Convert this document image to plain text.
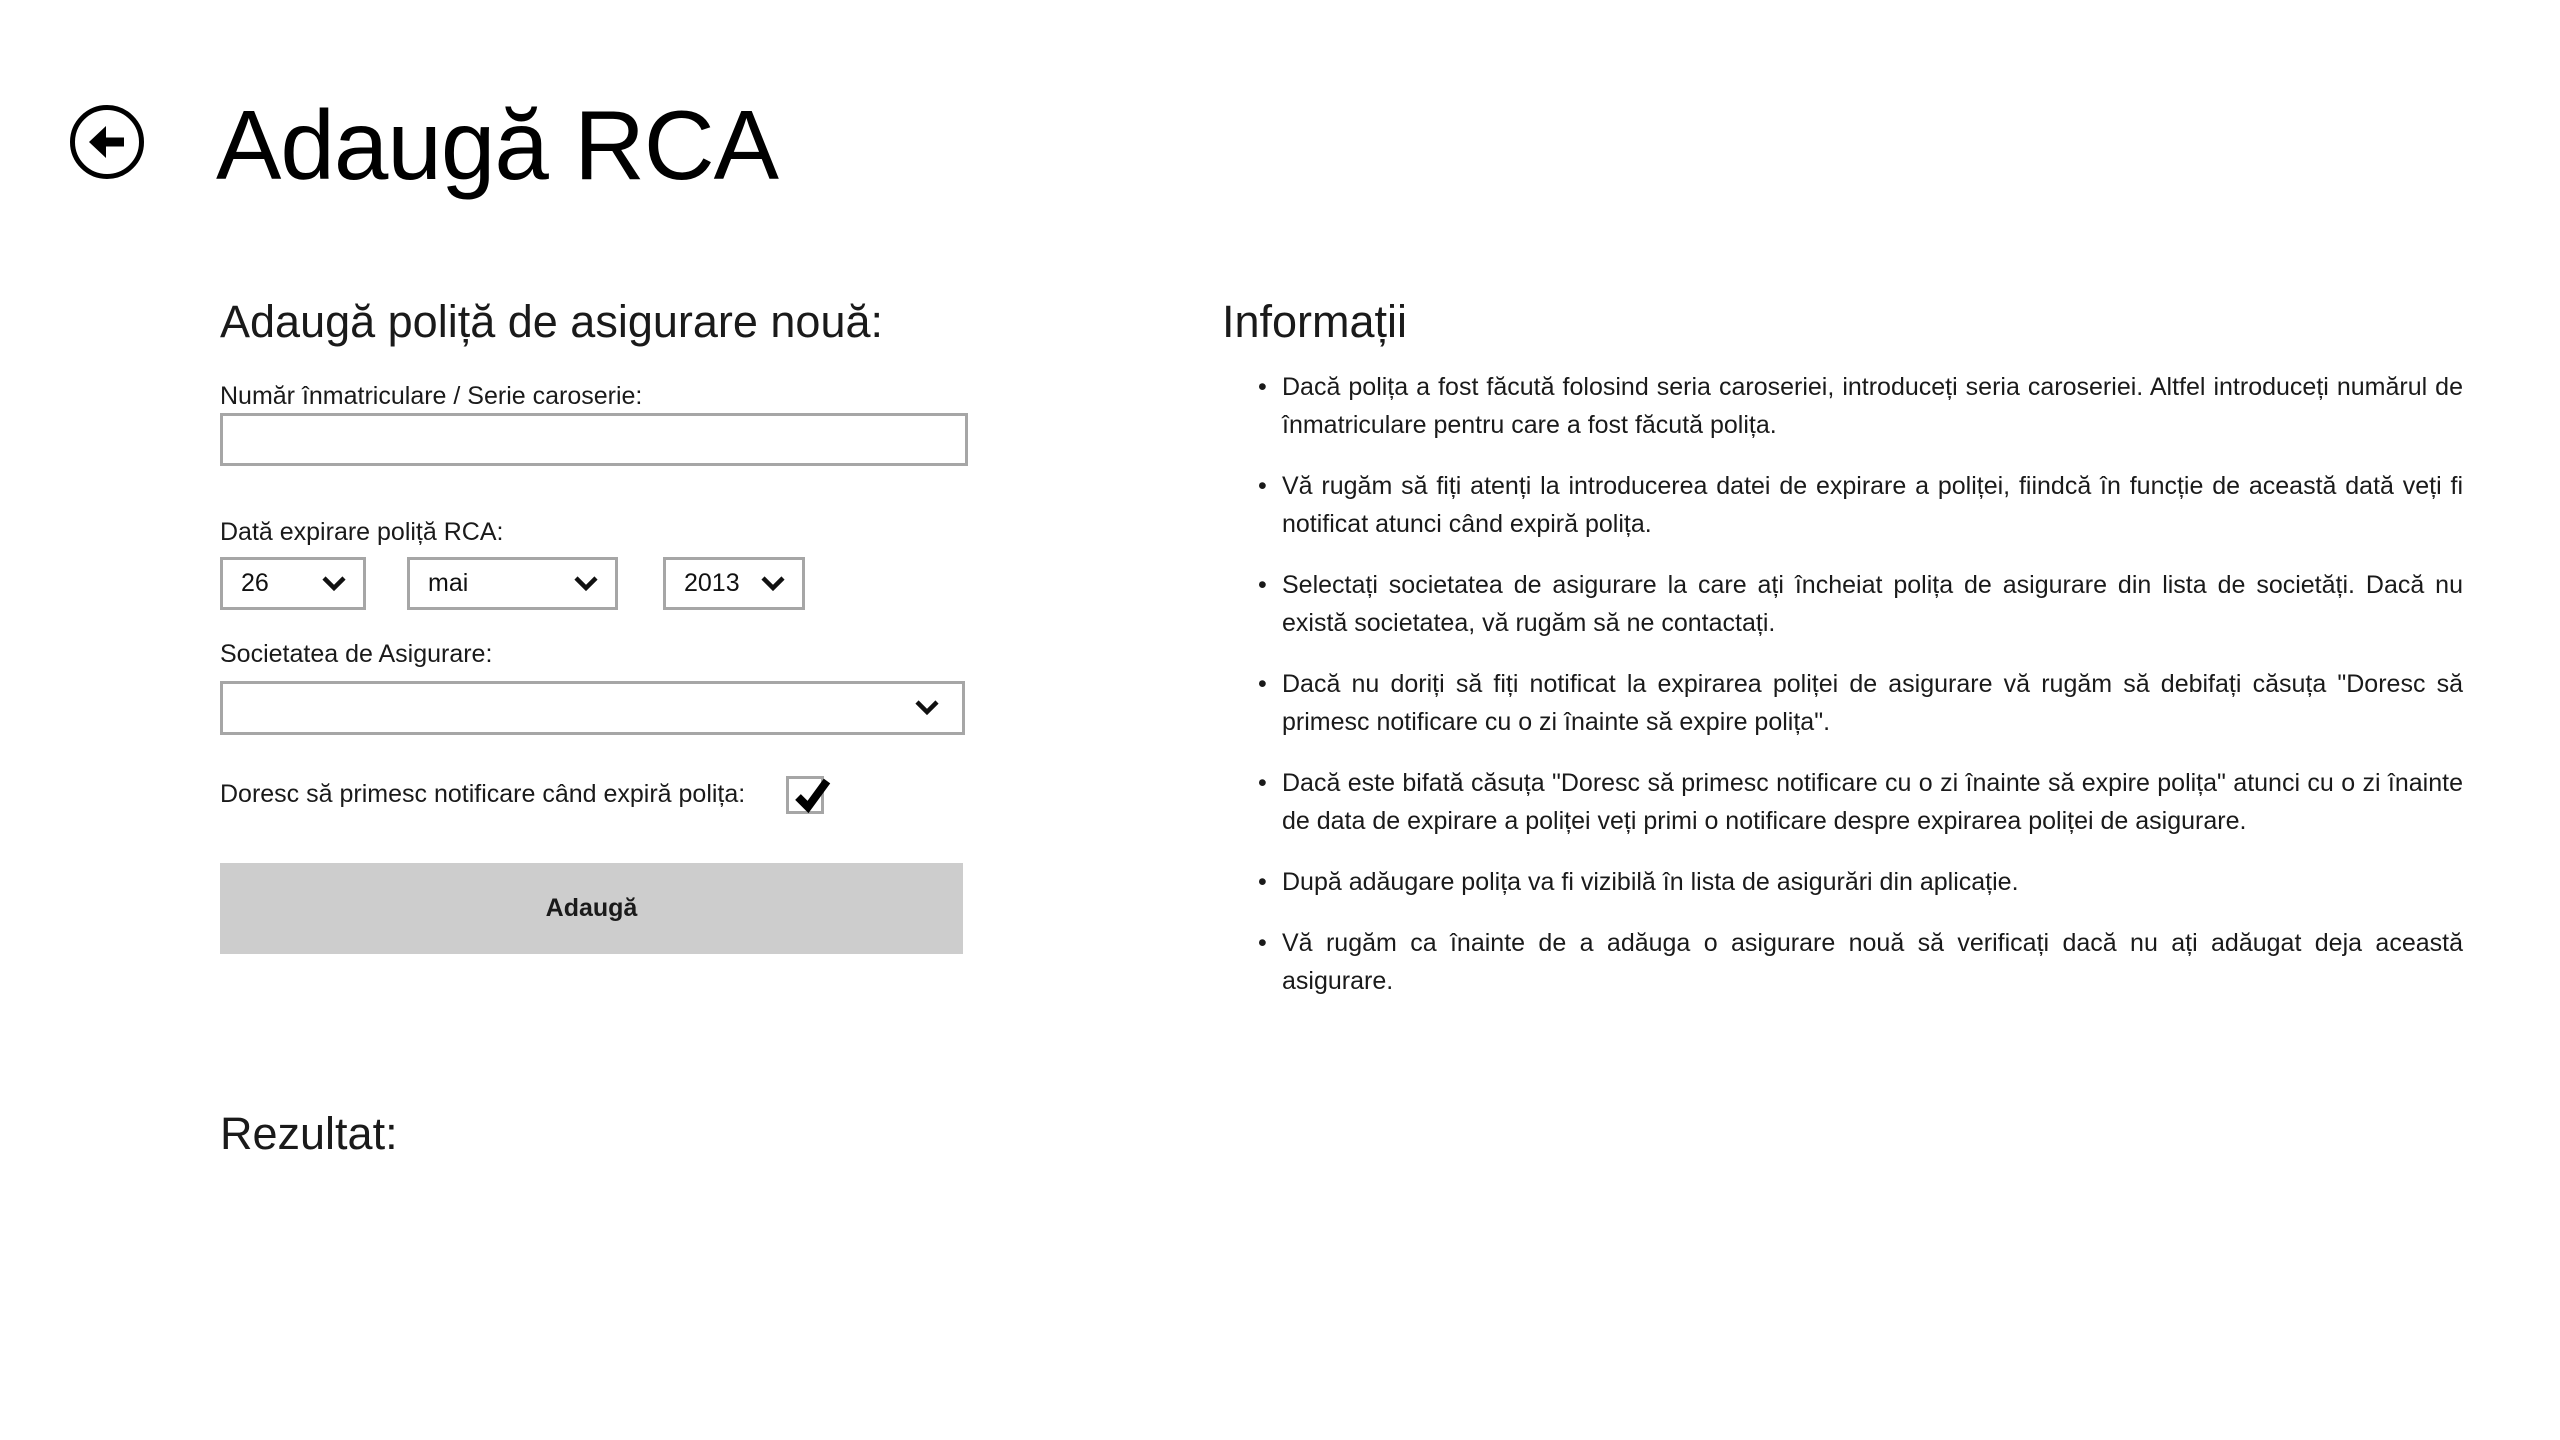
Adaugă RCA
Adaugă poliță de asigurare nouă:
Număr înmatriculare / Serie caroserie:
Dată expirare poliță RCA:
26	mai	2013
Societatea de Asigurare:
Doresc să primesc notificare când expiră polița:
Adaugă
Rezultat:
Informații
• Dacă polița a fost făcută folosind seria caroseriei, introduceți seria caroseriei. Altfel introduceți numărul de înmatriculare pentru care a fost făcută polița.
• Vă rugăm să fiți atenți la introducerea datei de expirare a poliței, fiindcă în funcție de această dată veți fi notificat atunci când expiră polița.
• Selectați societatea de asigurare la care ați încheiat polița de asigurare din lista de societăți. Dacă nu există societatea, vă rugăm să ne contactați.
• Dacă nu doriți să fiți notificat la expirarea poliței de asigurare vă rugăm să debifați căsuța "Doresc să primesc notificare cu o zi înainte să expire polița".
• Dacă este bifată căsuța "Doresc să primesc notificare cu o zi înainte să expire polița" atunci cu o zi înainte de data de expirare a poliței veți primi o notificare despre expirarea poliței de asigurare.
• După adăugare polița va fi vizibilă în lista de asigurări din aplicație.
• Vă rugăm ca înainte de a adăuga o asigurare nouă să verificați dacă nu ați adăugat deja această asigurare.
